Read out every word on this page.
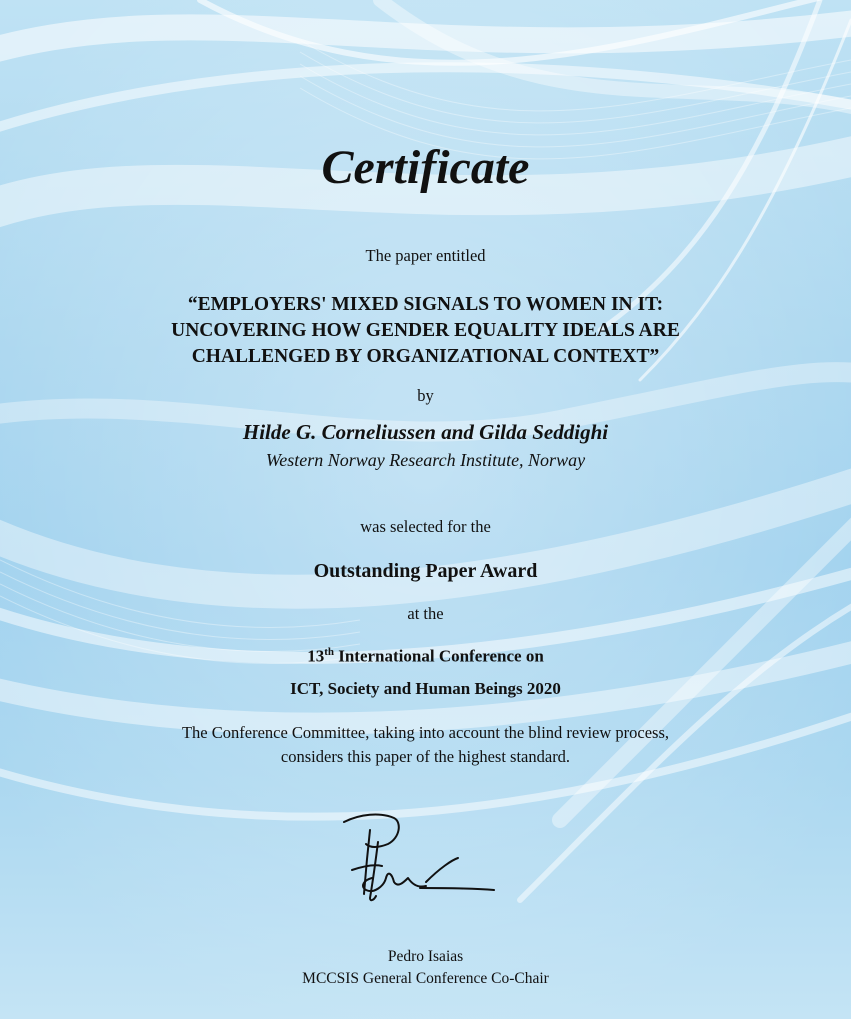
Certificate

The paper entitled

“EMPLOYERS' MIXED SIGNALS TO WOMEN IN IT:
UNCOVERING HOW GENDER EQUALITY IDEALS ARE
CHALLENGED BY ORGANIZATIONAL CONTEXT”

by

Hilde G. Corneliussen and Gilda Seddighi

Western Norway Research Institute, Norway

was selected for the

Outstanding Paper Award

at the

13th International Conference on

ICT, Society and Human Beings 2020

The Conference Committee, taking into account the blind review process,
considers this paper of the highest standard.

Pedro Isaias

MCCSIS General Conference Co-Chair
